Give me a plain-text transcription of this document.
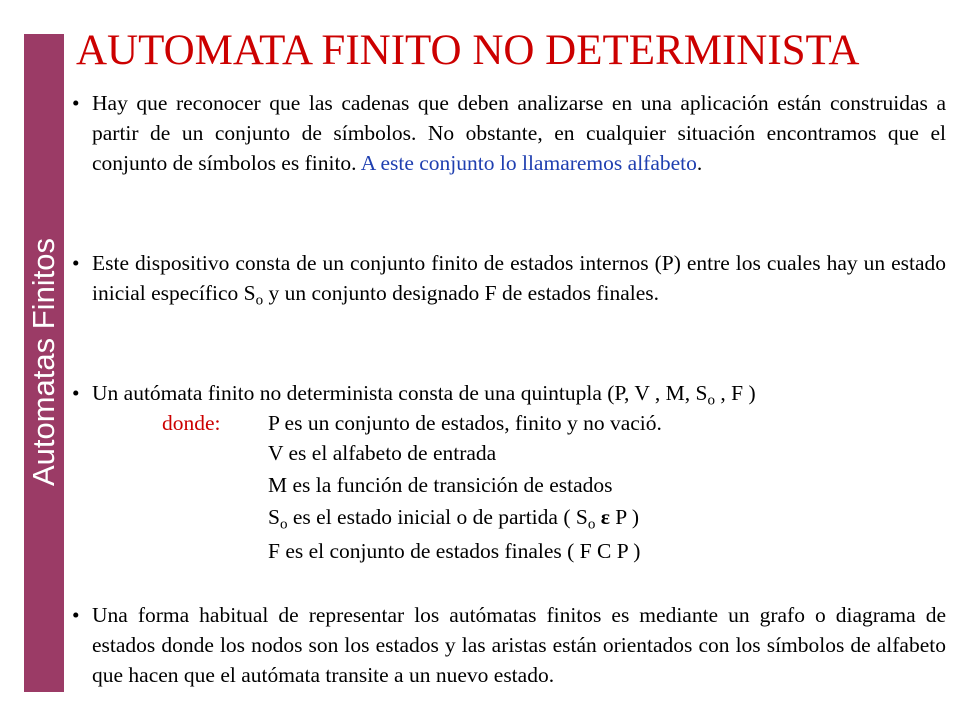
Automatas Finitos
AUTOMATA FINITO NO DETERMINISTA
• Hay que reconocer que las cadenas que deben analizarse en una aplicación están construidas a partir de un conjunto de símbolos. No obstante, en cualquier situación encontramos que el conjunto de símbolos es finito. A este conjunto lo llamaremos alfabeto.
• Este dispositivo consta de un conjunto finito de estados internos (P) entre los cuales hay un estado inicial específico $S_o$ y un conjunto designado F de estados finales.
• Un autómata finito no determinista consta de una quintupla (P, V , M, $S_o$ , F )
donde: P es un conjunto de estados, finito y no vació.
V es el alfabeto de entrada
M es la función de transición de estados
$S_o$ es el estado inicial o de partida ( $S_o$ ε P )
F es el conjunto de estados finales ( F C P )
• Una forma habitual de representar los autómatas finitos es mediante un grafo o diagrama de estados donde los nodos son los estados y las aristas están orientados con los símbolos de alfabeto que hacen que el autómata transite a un nuevo estado.
